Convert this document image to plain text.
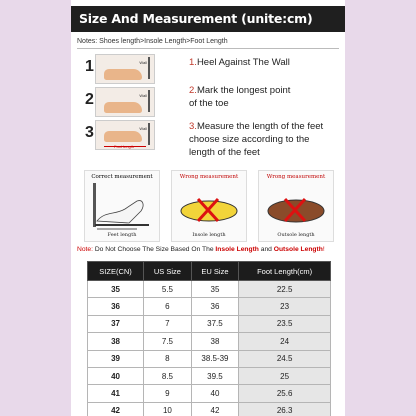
Size And Measurement (unite:cm)
Notes: Shoes length>Insole Length>Foot Length
1	Wall
2	Wall
3
Foot length
Wall
1.Heel Against The Wall
2.Mark the longest point
of the toe
3.Measure the length of the feet
choose size according to the
length of the feet
Correct measurement
Feet length
Wrong measurement
Insole length
Wrong measurement
Outsole length
Note: Do Not Choose The Size Based On The Insole Length and Outsole Length!
SIZE(CN)	US Size	EU Size	Foot Length(cm)
35	5.5	35	22.5
36	6	36	23
37	7	37.5	23.5
38	7.5	38	24
39	8	38.5-39	24.5
40	8.5	39.5	25
41	9	40	25.6
42	10	42	26.3
